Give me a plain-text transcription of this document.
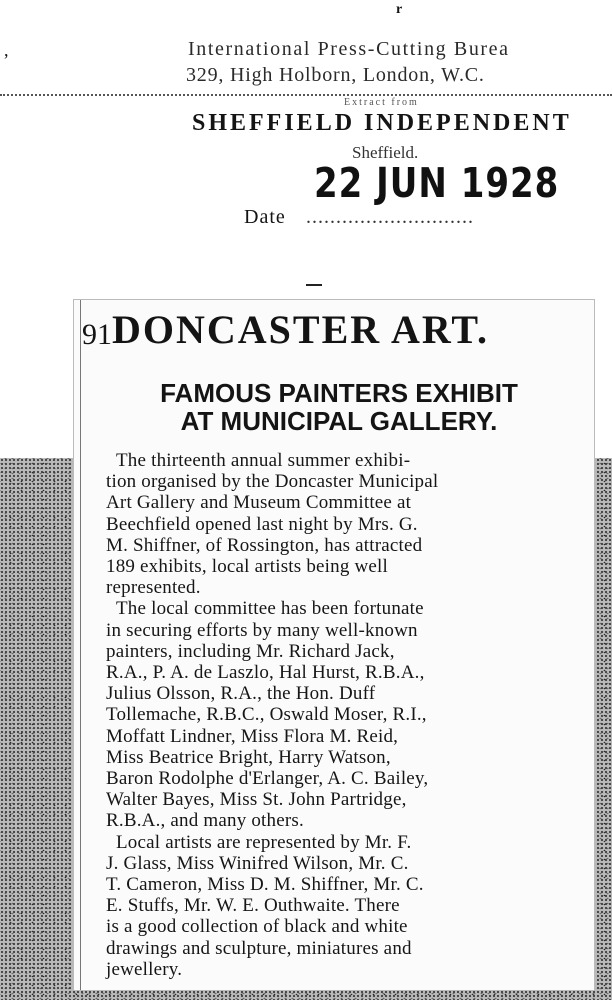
r
,	International Press-Cutting Burea
329, High Holborn, London, W.C.
Extract from
SHEFFIELD INDEPENDENT
Sheffield.
22 JUN 1928
Date ............................
91 DONCASTER ART.
FAMOUS PAINTERS EXHIBIT
AT MUNICIPAL GALLERY.
The thirteenth annual summer exhibi-
tion organised by the Doncaster Municipal
Art Gallery and Museum Committee at
Beechfield opened last night by Mrs. G.
M. Shiffner, of Rossington, has attracted
189 exhibits, local artists being well
represented.
The local committee has been fortunate
in securing efforts by many well-known
painters, including Mr. Richard Jack,
R.A., P. A. de Laszlo, Hal Hurst, R.B.A.,
Julius Olsson, R.A., the Hon. Duff
Tollemache, R.B.C., Oswald Moser, R.I.,
Moffatt Lindner, Miss Flora M. Reid,
Miss Beatrice Bright, Harry Watson,
Baron Rodolphe d'Erlanger, A. C. Bailey,
Walter Bayes, Miss St. John Partridge,
R.B.A., and many others.
Local artists are represented by Mr. F.
J. Glass, Miss Winifred Wilson, Mr. C.
T. Cameron, Miss D. M. Shiffner, Mr. C.
E. Stuffs, Mr. W. E. Outhwaite. There
is a good collection of black and white
drawings and sculpture, miniatures and
jewellery.
